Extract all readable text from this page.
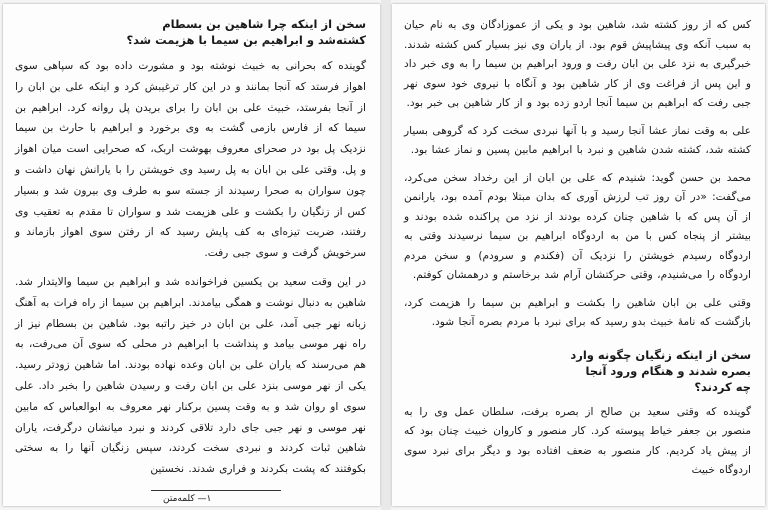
سخن از اینکه چرا شاهین بن بسطام
کشته‌شد و ابراهیم بن سیما با هزیمت شد؟

گوینده که بحرانی به خبیث نوشته بود و مشورت داده بود که سپاهی سوی اهواز فرستد که آنجا بمانند و در این کار ترغیبش کرد و اینکه علی بن ابان را از آنجا بفرستد، خبیث علی بن ابان را برای بریدن پل روانه کرد. ابراهیم بن سیما که از فارس بازمی گشت به وی برخورد و ابراهیم با حارث بن سیما نزدیک پل بود در صحرای معروف بهوشت اربک، که صحرایی است میان اهواز و پل. وقتی علی بن ابان به پل رسید وی خویشتن را با یارانش نهان داشت و چون سواران به صحرا رسیدند از جسته سو به طرف وی بیرون شد و بسیار کس از زنگیان را بکشت و علی هزیمت شد و سواران تا مقدم به تعقیب وی رفتند، ضربت تیزه‌ای به کف پایش رسید که از رفتن سوی اهواز بازماند و سرخویش گرفت و سوی جبی رفت.

در این وقت سعید بن یکسین فراخوانده شد و ابراهیم بن سیما والایتدار شد. شاهین به دنبال نوشت و همگی بیامدند. ابراهیم بن سیما از راه فرات به آهنگ زبانه نهر جبی آمد، علی بن ابان در خیز راتبه بود. شاهین بن بسطام نیز از راه نهر موسی بیامد و پنداشت با ابراهیم در محلی که سوی آن می‌رفت، به هم می‌رسند که یاران علی بن ابان وعده نهاده بودند. اما شاهین زودتر رسید. یکی از نهر موسی بنزد علی بن ابان رفت و رسیدن شاهین را بخبر داد. علی سوی او روان شد و به وقت پسین برکنار نهر معروف به ابوالعباس که مابین نهر موسی و نهر جبی جای دارد تلاقی کردند و نبرد میانشان درگرفت، یاران شاهین ثبات کردند و نبردی سخت کردند، سپس زنگیان آنها را به سختی بکوفتند که پشت بکردند و فراری شدند. نخستین

۱— کلمه‌متن

کس که از روز کشته شد، شاهین بود و یکی از عموزادگان وی به نام حیان به سبب آنکه وی پیشاپیش قوم بود. از یاران وی نیز بسیار کس کشته شدند. خبرگیری به نزد علی بن ابان رفت و ورود ابراهیم بن سیما را به وی خبر داد و این پس از فراغت وی از کار شاهین بود و آنگاه با نیروی خود سوی نهر جبی رفت که ابراهیم بن سیما آنجا اردو زده بود و از کار شاهین بی خبر بود.

علی به وقت نماز عشا آنجا رسید و با آنها نبردی سخت کرد که گروهی بسیار کشته شد، کشته شدن شاهین و نبرد با ابراهیم مابین پسین و نماز عشا بود.

محمد بن حسن گوید: شنیدم که علی بن ابان از این رخداد سخن می‌کرد، می‌گفت: «در آن روز تب لرزش آوری که بدان مبتلا بودم آمده بود، یارانمن از آن پس که با شاهین چنان کرده بودند از نزد من پراکنده شده بودند و بیشتر از پنجاه کس با من به اردوگاه ابراهیم بن سیما نرسیدند وقتی به اردوگاه رسیدم خویشتن را نزدیک آن (فکندم و سرودم) و سخن مردم اردوگاه را می‌شنیدم، وقتی حرکتشان آرام شد برخاستم و درهمشان کوفتم.

وقتی علی بن ابان شاهین را بکشت و ابراهیم بن سیما را هزیمت کرد، بازگشت که نامهٔ خبیث بدو رسید که برای نبرد با مردم بصره آنجا شود.

سخن از اینکه زنگیان چگونه وارد
بصره شدند و هنگام ورود آنجا
چه کردند؟

گوینده که وقتی سعید بن صالح از بصره برفت، سلطان عمل وی را به منصور بن جعفر خیاط پیوسته کرد. کار منصور و کاروان خبیث چنان بود که از پیش یاد کردیم. کار منصور به ضعف افتاده بود و دیگر برای نبرد سوی اردوگاه خبیث
